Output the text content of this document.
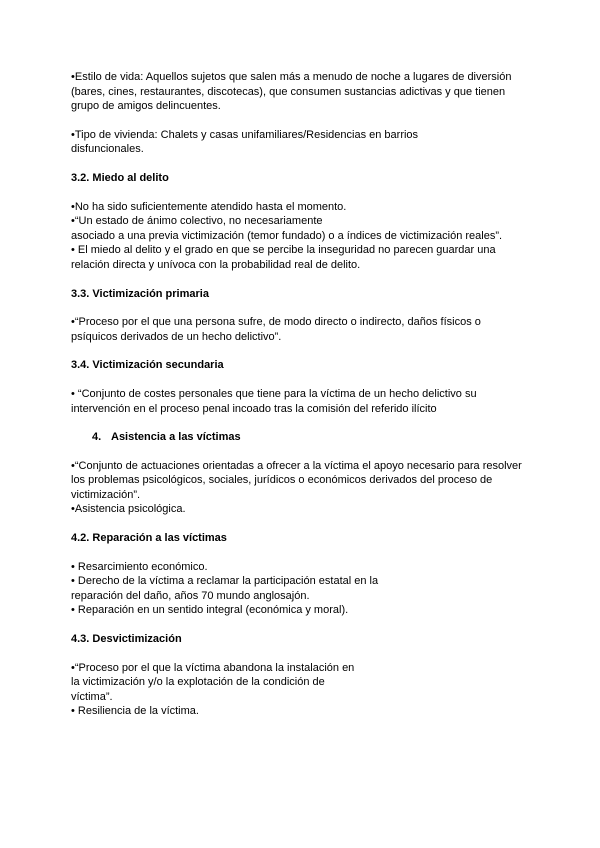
•Estilo de vida: Aquellos sujetos que salen más a menudo de noche a lugares de diversión
(bares, cines, restaurantes, discotecas), que consumen sustancias adictivas y que tienen
grupo de amigos delincuentes.

•Tipo de vivienda: Chalets y casas unifamiliares/Residencias en barrios
disfuncionales.

3.2. Miedo al delito

•No ha sido suficientemente atendido hasta el momento.
•“Un estado de ánimo colectivo, no necesariamente
asociado a una previa victimización (temor fundado) o a índices de victimización reales”.
• El miedo al delito y el grado en que se percibe la inseguridad no parecen guardar una
relación directa y unívoca con la probabilidad real de delito.

3.3. Victimización primaria

•“Proceso por el que una persona sufre, de modo directo o indirecto, daños físicos o
psíquicos derivados de un hecho delictivo”.

3.4. Victimización secundaria

• “Conjunto de costes personales que tiene para la víctima de un hecho delictivo su
intervención en el proceso penal incoado tras la comisión del referido ilícito

4. Asistencia a las víctimas

•“Conjunto de actuaciones orientadas a ofrecer a la víctima el apoyo necesario para resolver
los problemas psicológicos, sociales, jurídicos o económicos derivados del proceso de
victimización”.
•Asistencia psicológica.

4.2. Reparación a las víctimas

• Resarcimiento económico.
• Derecho de la víctima a reclamar la participación estatal en la
reparación del daño, años 70 mundo anglosajón.
• Reparación en un sentido integral (económica y moral).

4.3. Desvictimización

•“Proceso por el que la víctima abandona la instalación en
la victimización y/o la explotación de la condición de
víctima”.
• Resiliencia de la víctima.
